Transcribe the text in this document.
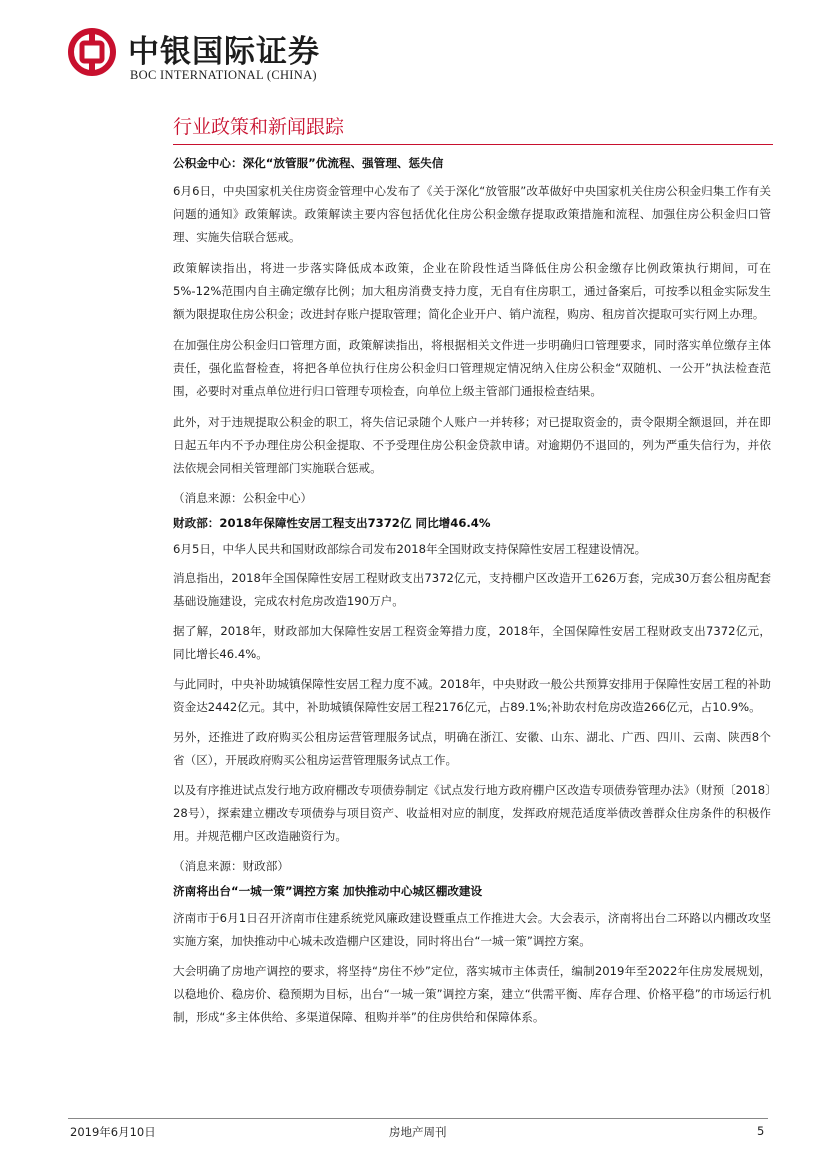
中银国际证券
BOC INTERNATIONAL (CHINA)
行业政策和新闻跟踪

公积金中心：深化“放管服”优流程、强管理、惩失信

6月6日，中央国家机关住房资金管理中心发布了《关于深化“放管服”改革做好中央国家机关住房公积金归集工作有关问题的通知》政策解读。政策解读主要内容包括优化住房公积金缴存提取政策措施和流程、加强住房公积金归口管理、实施失信联合惩戒。

政策解读指出，将进一步落实降低成本政策，企业在阶段性适当降低住房公积金缴存比例政策执行期间，可在5%-12%范围内自主确定缴存比例；加大租房消费支持力度，无自有住房职工，通过备案后，可按季以租金实际发生额为限提取住房公积金；改进封存账户提取管理；简化企业开户、销户流程，购房、租房首次提取可实行网上办理。

在加强住房公积金归口管理方面，政策解读指出，将根据相关文件进一步明确归口管理要求，同时落实单位缴存主体责任，强化监督检查，将把各单位执行住房公积金归口管理规定情况纳入住房公积金“双随机、一公开”执法检查范围，必要时对重点单位进行归口管理专项检查，向单位上级主管部门通报检查结果。

此外，对于违规提取公积金的职工，将失信记录随个人账户一并转移；对已提取资金的，责令限期全额退回，并在即日起五年内不予办理住房公积金提取、不予受理住房公积金贷款申请。对逾期仍不退回的，列为严重失信行为，并依法依规会同相关管理部门实施联合惩戒。

（消息来源：公积金中心）

财政部：2018年保障性安居工程支出7372亿 同比增46.4%

6月5日，中华人民共和国财政部综合司发布2018年全国财政支持保障性安居工程建设情况。

消息指出，2018年全国保障性安居工程财政支出7372亿元，支持棚户区改造开工626万套，完成30万套公租房配套基础设施建设，完成农村危房改造190万户。

据了解，2018年，财政部加大保障性安居工程资金筹措力度，2018年，全国保障性安居工程财政支出7372亿元，同比增长46.4%。

与此同时，中央补助城镇保障性安居工程力度不减。2018年，中央财政一般公共预算安排用于保障性安居工程的补助资金达2442亿元。其中，补助城镇保障性安居工程2176亿元，占89.1%;补助农村危房改造266亿元，占10.9%。

另外，还推进了政府购买公租房运营管理服务试点，明确在浙江、安徽、山东、湖北、广西、四川、云南、陕西8个省（区），开展政府购买公租房运营管理服务试点工作。

以及有序推进试点发行地方政府棚改专项债券制定《试点发行地方政府棚户区改造专项债券管理办法》（财预〔2018〕28号），探索建立棚改专项债券与项目资产、收益相对应的制度，发挥政府规范适度举债改善群众住房条件的积极作用。并规范棚户区改造融资行为。

（消息来源：财政部）

济南将出台“一城一策”调控方案 加快推动中心城区棚改建设

济南市于6月1日召开济南市住建系统党风廉政建设暨重点工作推进大会。大会表示，济南将出台二环路以内棚改攻坚实施方案，加快推动中心城未改造棚户区建设，同时将出台“一城一策”调控方案。

大会明确了房地产调控的要求，将坚持“房住不炒”定位，落实城市主体责任，编制2019年至2022年住房发展规划，以稳地价、稳房价、稳预期为目标，出台“一城一策”调控方案，建立“供需平衡、库存合理、价格平稳”的市场运行机制，形成“多主体供给、多渠道保障、租购并举”的住房供给和保障体系。

2019年6月10日	房地产周刊	5
